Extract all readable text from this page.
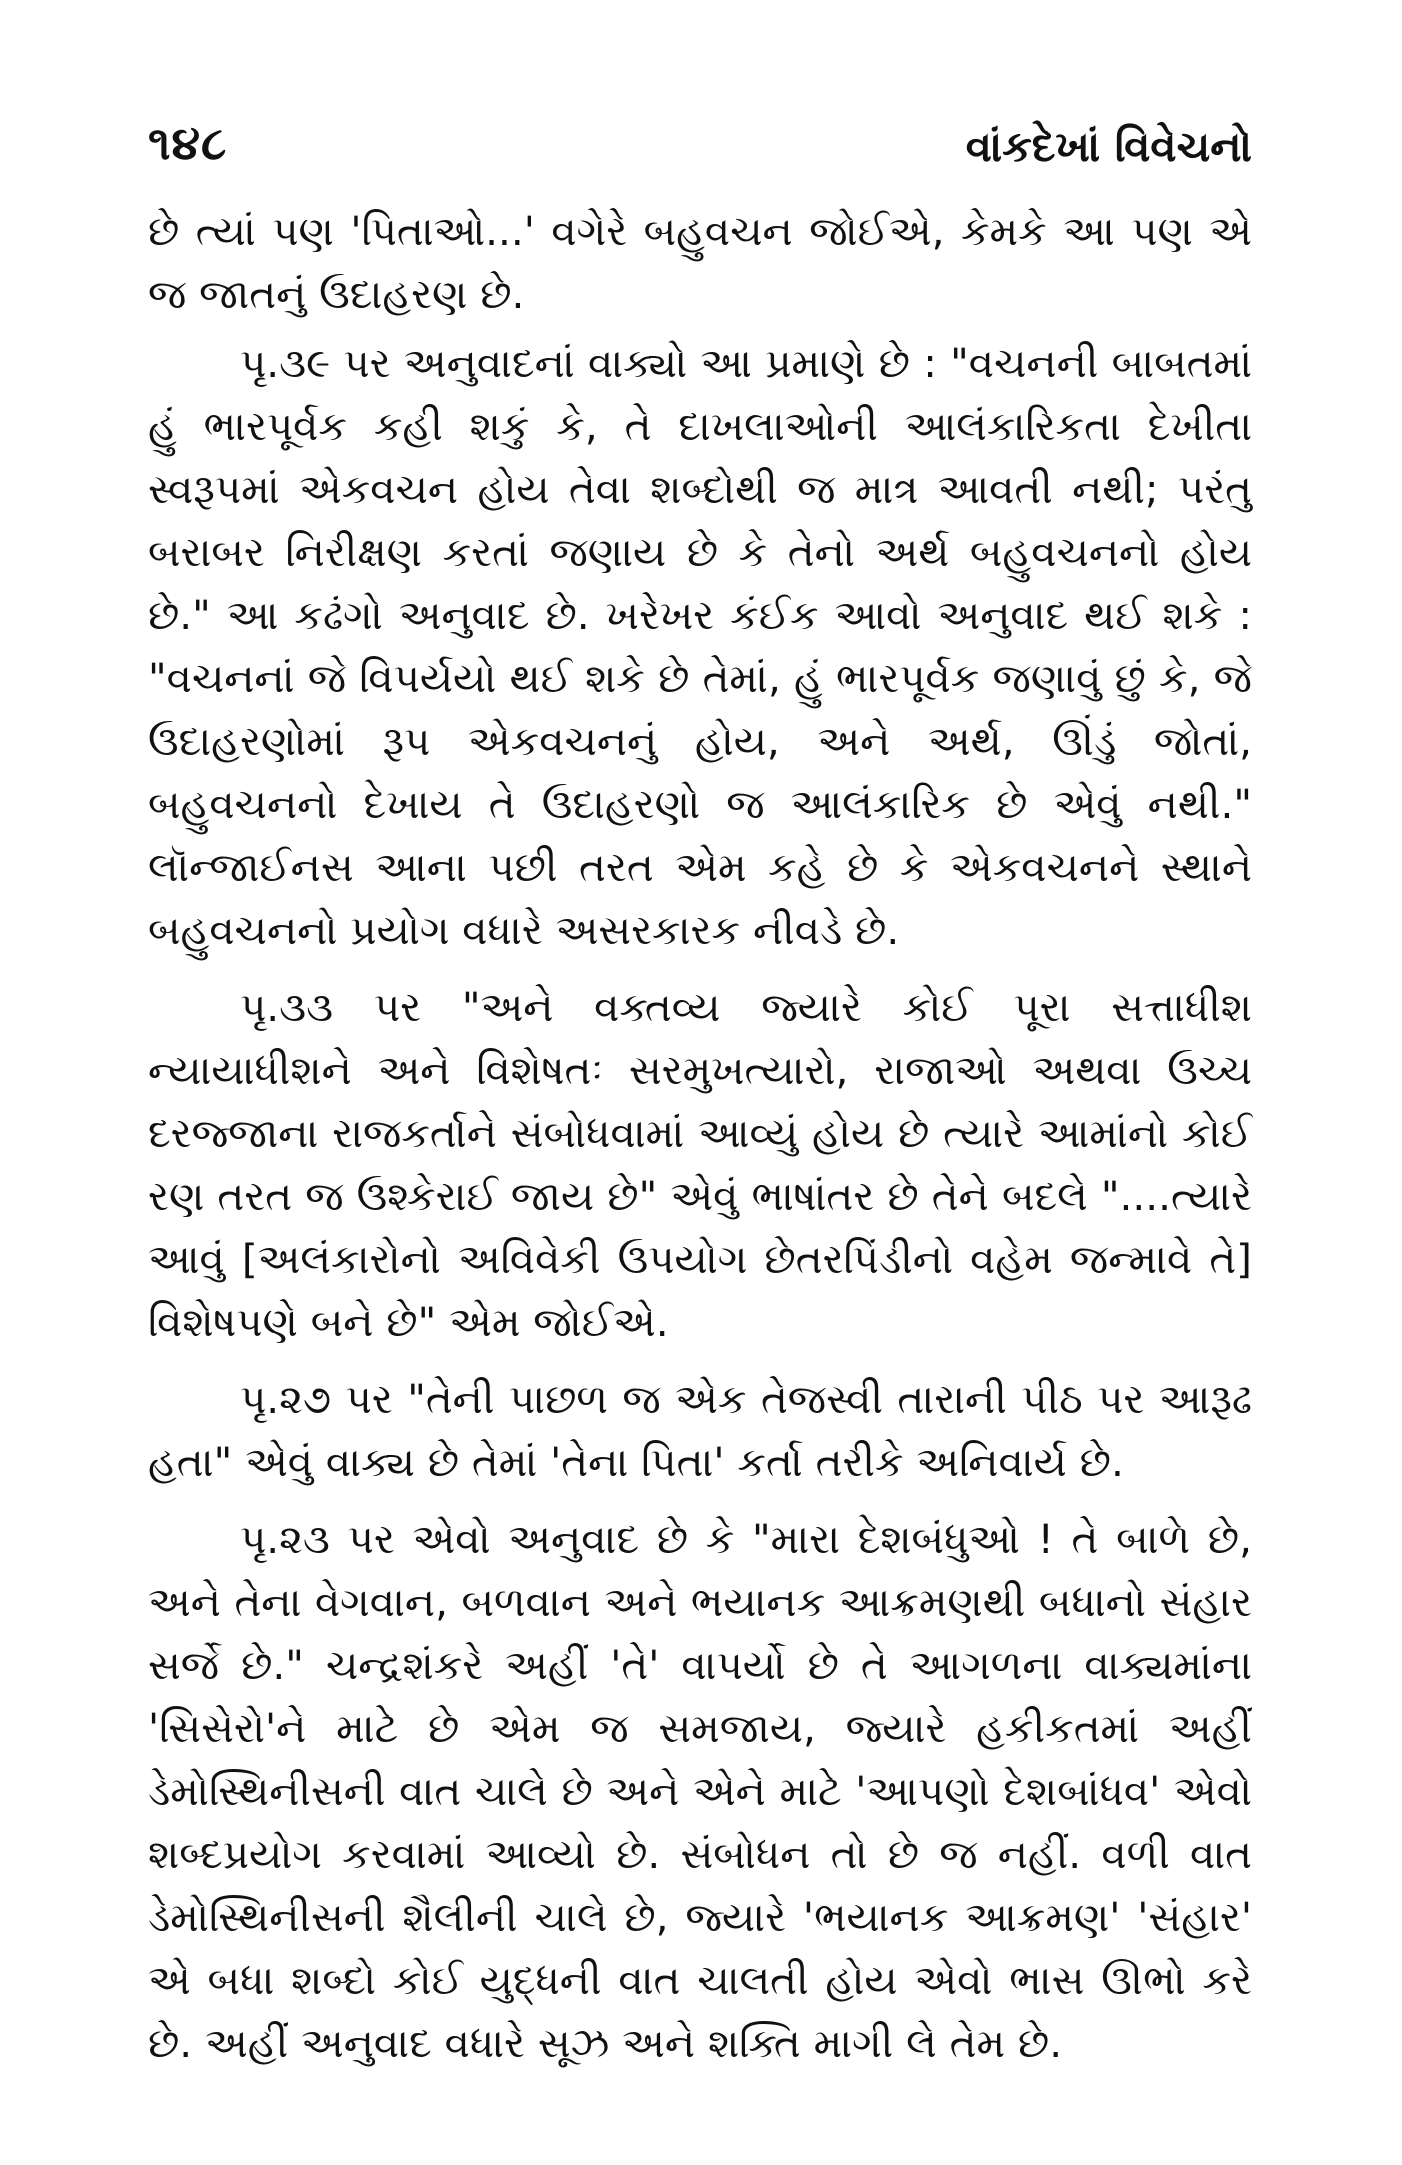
૧૪૮	વાંકદેખાં વિવેચનો

છે ત્યાં પણ 'પિતાઓ...' વગેરે બહુવચન જોઈએ, કેમકે આ પણ એ જ જાતનું ઉદાહરણ છે.

પૃ.૩૯ પર અનુવાદનાં વાક્યો આ પ્રમાણે છે : "વચનની બાબતમાં હું ભારપૂર્વક કહી શકું કે, તે દાખલાઓની આલંકારિકતા દેખીતા સ્વરૂપમાં એકવચન હોય તેવા શબ્દોથી જ માત્ર આવતી નથી; પરંતુ બરાબર નિરીક્ષણ કરતાં જણાય છે કે તેનો અર્થ બહુવચનનો હોય છે." આ કઢંગો અનુવાદ છે. ખરેખર કંઈક આવો અનુવાદ થઈ શકે : "વચનનાં જે વિપર્યયો થઈ શકે છે તેમાં, હું ભારપૂર્વક જણાવું છું કે, જે ઉદાહરણોમાં રૂપ એકવચનનું હોય, અને અર્થ, ઊંડું જોતાં, બહુવચનનો દેખાય તે ઉદાહરણો જ આલંકારિક છે એવું નથી." લૉન્જાઈનસ આના પછી તરત એમ કહે છે કે એકવચનને સ્થાને બહુવચનનો પ્રયોગ વધારે અસરકારક નીવડે છે.

પૃ.૩૩ પર "અને વક્તવ્ય જ્યારે કોઈ પૂરા સત્તાધીશ ન્યાયાધીશને અને વિશેષતઃ સરમુખત્યારો, રાજાઓ અથવા ઉચ્ચ દરજ્જાના રાજકર્તાને સંબોધવામાં આવ્યું હોય છે ત્યારે આમાંનો કોઈ રણ તરત જ ઉશ્કેરાઈ જાય છે" એવું ભાષાંતર છે તેને બદલે "....ત્યારે આવું [અલંકારોનો અવિવેકી ઉપયોગ છેતરપિંડીનો વહેમ જન્માવે તે] વિશેષપણે બને છે" એમ જોઈએ.

પૃ.૨૭ પર "તેની પાછળ જ એક તેજસ્વી તારાની પીઠ પર આરૂઢ હતા" એવું વાક્ય છે તેમાં 'તેના પિતા' કર્તા તરીકે અનિવાર્ય છે.

પૃ.૨૩ પર એવો અનુવાદ છે કે "મારા દેશબંધુઓ ! તે બાળે છે, અને તેના વેગવાન, બળવાન અને ભયાનક આક્રમણથી બધાનો સંહાર સર્જે છે." ચન્દ્રશંકરે અહીં 'તે' વાપર્યો છે તે આગળના વાક્યમાંના 'સિસેરો'ને માટે છે એમ જ સમજાય, જ્યારે હકીકતમાં અહીં ડેમોસ્થિનીસની વાત ચાલે છે અને એને માટે 'આપણો દેશબાંધવ' એવો શબ્દપ્રયોગ કરવામાં આવ્યો છે. સંબોધન તો છે જ નહીં. વળી વાત ડેમોસ્થિનીસની શૈલીની ચાલે છે, જ્યારે 'ભયાનક આક્રમણ' 'સંહાર' એ બધા શબ્દો કોઈ યુદ્ધની વાત ચાલતી હોય એવો ભાસ ઊભો કરે છે. અહીં અનુવાદ વધારે સૂઝ અને શક્તિ માગી લે તેમ છે.
